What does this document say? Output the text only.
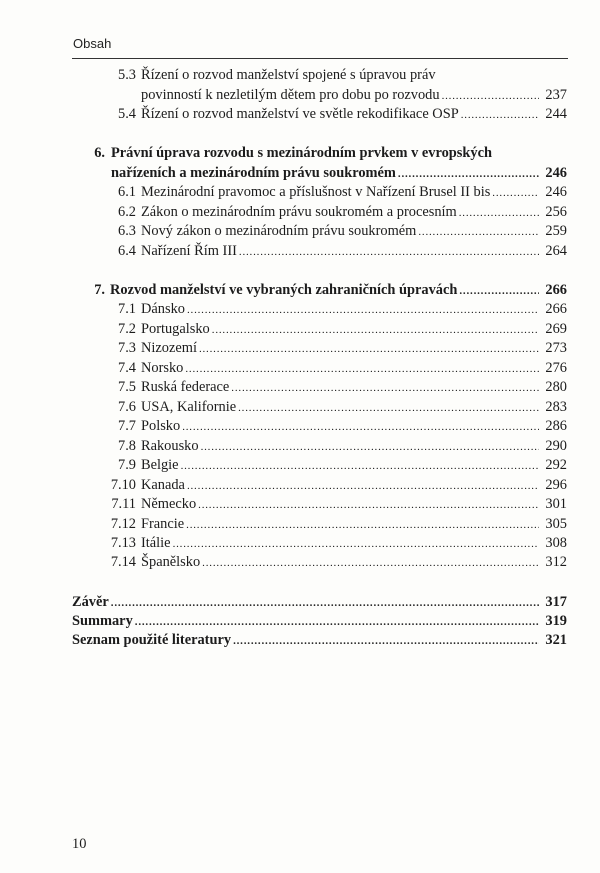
Obsah
5.3 Řízení o rozvod manželství spojené s úpravou práv
povinností k nezletilým dětem pro dobu po rozvodu .....	237
5.4 Řízení o rozvod manželství ve světle rekodifikace OSP .....	244
6. Právní úprava rozvodu s mezinárodním prvkem v evropských
nařízeních a mezinárodním právu soukromém .....	246
6.1 Mezinárodní pravomoc a příslušnost v Nařízení Brusel II bis .....	246
6.2 Zákon o mezinárodním právu soukromém a procesním .....	256
6.3 Nový zákon o mezinárodním právu soukromém .....	259
6.4 Nařízení Řím III .....	264
7. Rozvod manželství ve vybraných zahraničních úpravách .....	266
7.1 Dánsko .....	266
7.2 Portugalsko .....	269
7.3 Nizozemí .....	273
7.4 Norsko .....	276
7.5 Ruská federace .....	280
7.6 USA, Kalifornie .....	283
7.7 Polsko .....	286
7.8 Rakousko .....	290
7.9 Belgie .....	292
7.10 Kanada .....	296
7.11 Německo .....	301
7.12 Francie .....	305
7.13 Itálie .....	308
7.14 Španělsko .....	312
Závěr .....	317
Summary .....	319
Seznam použité literatury .....	321
10
